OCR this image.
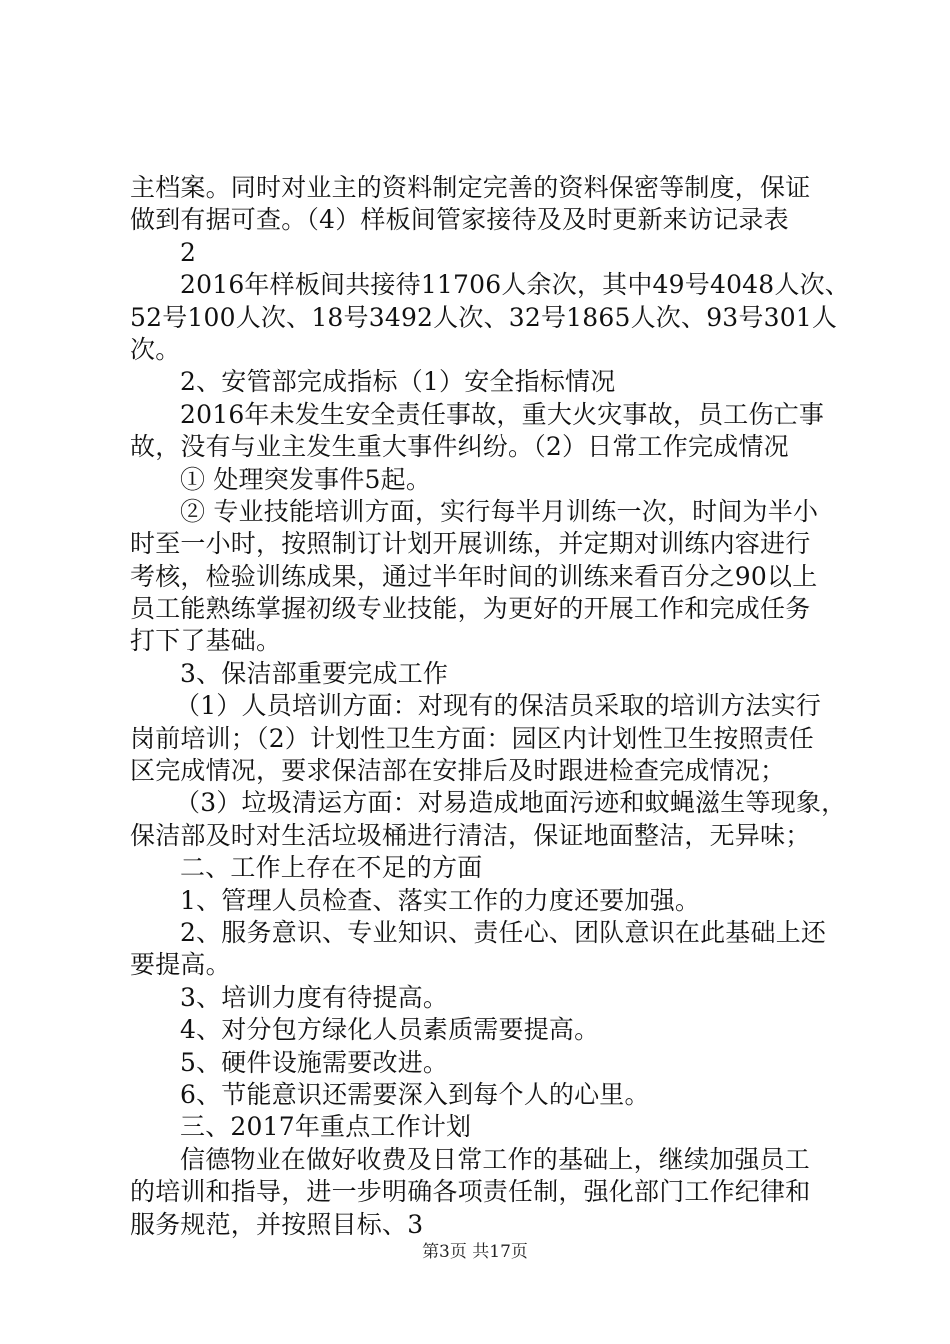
主档案。同时对业主的资料制定完善的资料保密等制度，保证
做到有据可查。（4）样板间管家接待及及时更新来访记录表
2
2016年样板间共接待11706人余次，其中49号4048人次、
52号100人次、18号3492人次、32号1865人次、93号301人
次。
2、安管部完成指标（1）安全指标情况
2016年未发生安全责任事故，重大火灾事故，员工伤亡事
故，没有与业主发生重大事件纠纷。（2）日常工作完成情况
① 处理突发事件5起。
② 专业技能培训方面，实行每半月训练一次，时间为半小
时至一小时，按照制订计划开展训练，并定期对训练内容进行
考核，检验训练成果，通过半年时间的训练来看百分之90以上
员工能熟练掌握初级专业技能，为更好的开展工作和完成任务
打下了基础。
3、保洁部重要完成工作
（1）人员培训方面：对现有的保洁员采取的培训方法实行
岗前培训；（2）计划性卫生方面：园区内计划性卫生按照责任
区完成情况，要求保洁部在安排后及时跟进检查完成情况；
（3）垃圾清运方面：对易造成地面污迹和蚊蝇滋生等现象，
保洁部及时对生活垃圾桶进行清洁，保证地面整洁，无异味；
二、工作上存在不足的方面
1、管理人员检查、落实工作的力度还要加强。
2、服务意识、专业知识、责任心、团队意识在此基础上还
要提高。
3、培训力度有待提高。
4、对分包方绿化人员素质需要提高。
5、硬件设施需要改进。
6、节能意识还需要深入到每个人的心里。
三、2017年重点工作计划
信德物业在做好收费及日常工作的基础上，继续加强员工
的培训和指导，进一步明确各项责任制，强化部门工作纪律和
服务规范，并按照目标、3
第3页 共17页
